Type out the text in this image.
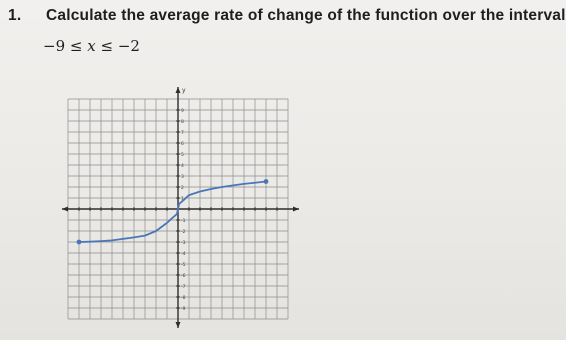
1. Calculate the average rate of change of the function over the interval
−9 ≤ x ≤ −2
y
9
8
7
6
5
4
3
2
1
-1
-2
-3
-4
-5
-6
-7
-8
-9
